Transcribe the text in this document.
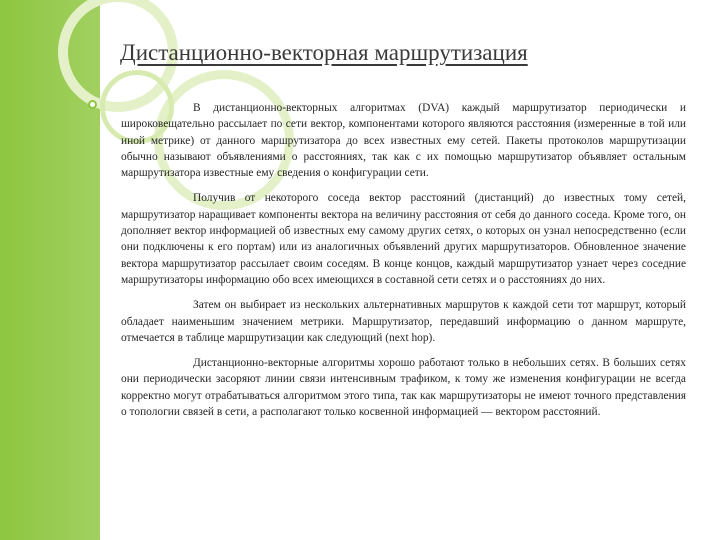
Дистанционно-векторная маршрутизация

В дистанционно-векторных алгоритмах (DVA) каждый маршрутизатор периодически и широковещательно рассылает по сети вектор, компонентами которого являются расстояния (измеренные в той или иной метрике) от данного маршрутизатора до всех известных ему сетей. Пакеты протоколов маршрутизации обычно называют объявлениями о расстояниях, так как с их помощью маршрутизатор объявляет остальным маршрутизатора известные ему сведения о конфигурации сети.

Получив от некоторого соседа вектор расстояний (дистанций) до известных тому сетей, маршрутизатор наращивает компоненты вектора на величину расстояния от себя до данного соседа. Кроме того, он дополняет вектор информацией об известных ему самому других сетях, о которых он узнал непосредственно (если они подключены к его портам) или из аналогичных объявлений других маршрутизаторов. Обновленное значение вектора маршрутизатор рассылает своим соседям. В конце концов, каждый маршрутизатор узнает через соседние маршрутизаторы информацию обо всех имеющихся в составной сети сетях и о расстояниях до них.

Затем он выбирает из нескольких альтернативных маршрутов к каждой сети тот маршрут, который обладает наименьшим значением метрики. Маршрутизатор, передавший информацию о данном маршруте, отмечается в таблице маршрутизации как следующий (next hop).

Дистанционно-векторные алгоритмы хорошо работают только в небольших сетях. В больших сетях они периодически засоряют линии связи интенсивным трафиком, к тому же изменения конфигурации не всегда корректно могут отрабатываться алгоритмом этого типа, так как маршрутизаторы не имеют точного представления о топологии связей в сети, а располагают только косвенной информацией — вектором расстояний.
